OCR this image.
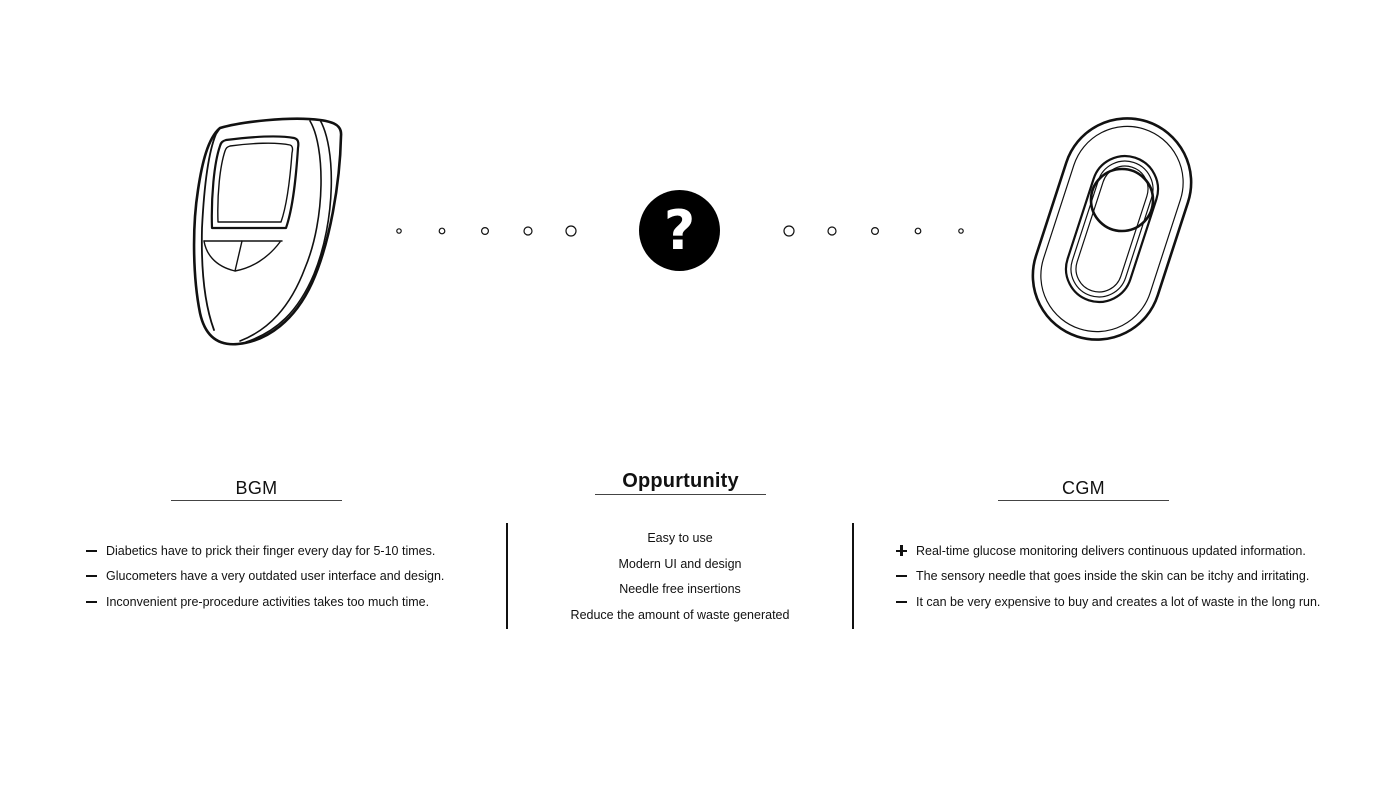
?
BGM	Oppurtunity	CGM
Diabetics have to prick their finger every day for 5-10 times.
Glucometers have a very outdated user interface and design.
Inconvenient pre-procedure activities takes too much time.
Easy to use
Modern UI and design
Needle free insertions
Reduce the amount of waste generated
Real-time glucose monitoring delivers continuous updated information.
The sensory needle that goes inside the skin can be itchy and irritating.
It can be very expensive to buy and creates a lot of waste in the long run.
